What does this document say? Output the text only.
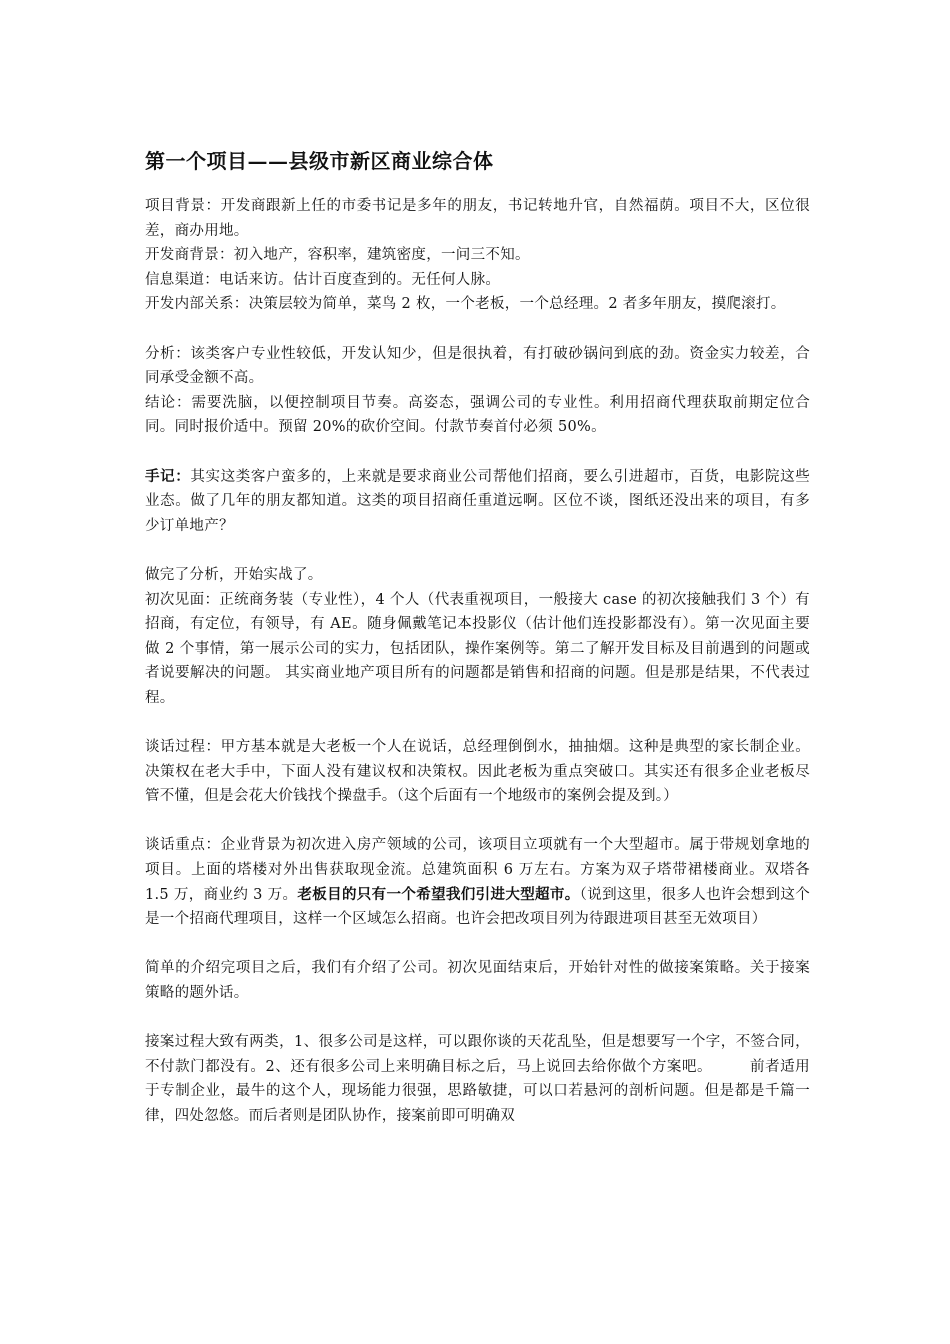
第一个项目——县级市新区商业综合体

项目背景：开发商跟新上任的市委书记是多年的朋友，书记转地升官，自然福荫。项目不大，区位很差，商办用地。

开发商背景：初入地产，容积率，建筑密度，一问三不知。

信息渠道：电话来访。估计百度查到的。无任何人脉。

开发内部关系：决策层较为简单，菜鸟 2 枚，一个老板，一个总经理。2 者多年朋友，摸爬滚打。

分析：该类客户专业性较低，开发认知少，但是很执着，有打破砂锅问到底的劲。资金实力较差，合同承受金额不高。

结论：需要洗脑，以便控制项目节奏。高姿态，强调公司的专业性。利用招商代理获取前期定位合同。同时报价适中。预留 20%的砍价空间。付款节奏首付必须 50%。

手记：其实这类客户蛮多的，上来就是要求商业公司帮他们招商，要么引进超市，百货，电影院这些业态。做了几年的朋友都知道。这类的项目招商任重道远啊。区位不谈，图纸还没出来的项目，有多少订单地产？

做完了分析，开始实战了。

初次见面：正统商务装（专业性），4 个人（代表重视项目，一般接大 case 的初次接触我们 3 个）有招商，有定位，有领导，有 AE。随身佩戴笔记本投影仪（估计他们连投影都没有）。第一次见面主要做 2 个事情，第一展示公司的实力，包括团队，操作案例等。第二了解开发目标及目前遇到的问题或者说要解决的问题。 其实商业地产项目所有的问题都是销售和招商的问题。但是那是结果，不代表过程。

谈话过程：甲方基本就是大老板一个人在说话，总经理倒倒水，抽抽烟。这种是典型的家长制企业。决策权在老大手中，下面人没有建议权和决策权。因此老板为重点突破口。其实还有很多企业老板尽管不懂，但是会花大价钱找个操盘手。（这个后面有一个地级市的案例会提及到。）

谈话重点：企业背景为初次进入房产领域的公司，该项目立项就有一个大型超市。属于带规划拿地的项目。上面的塔楼对外出售获取现金流。总建筑面积 6 万左右。方案为双子塔带裙楼商业。双塔各 1.5 万，商业约 3 万。老板目的只有一个希望我们引进大型超市。（说到这里，很多人也许会想到这个是一个招商代理项目，这样一个区域怎么招商。也许会把改项目列为待跟进项目甚至无效项目）

简单的介绍完项目之后，我们有介绍了公司。初次见面结束后，开始针对性的做接案策略。关于接案策略的题外话。

接案过程大致有两类，1、很多公司是这样，可以跟你谈的天花乱坠，但是想要写一个字，不签合同，不付款门都没有。2、还有很多公司上来明确目标之后，马上说回去给你做个方案吧。　　　前者适用于专制企业，最牛的这个人，现场能力很强，思路敏捷，可以口若悬河的剖析问题。但是都是千篇一律，四处忽悠。而后者则是团队协作，接案前即可明确双
